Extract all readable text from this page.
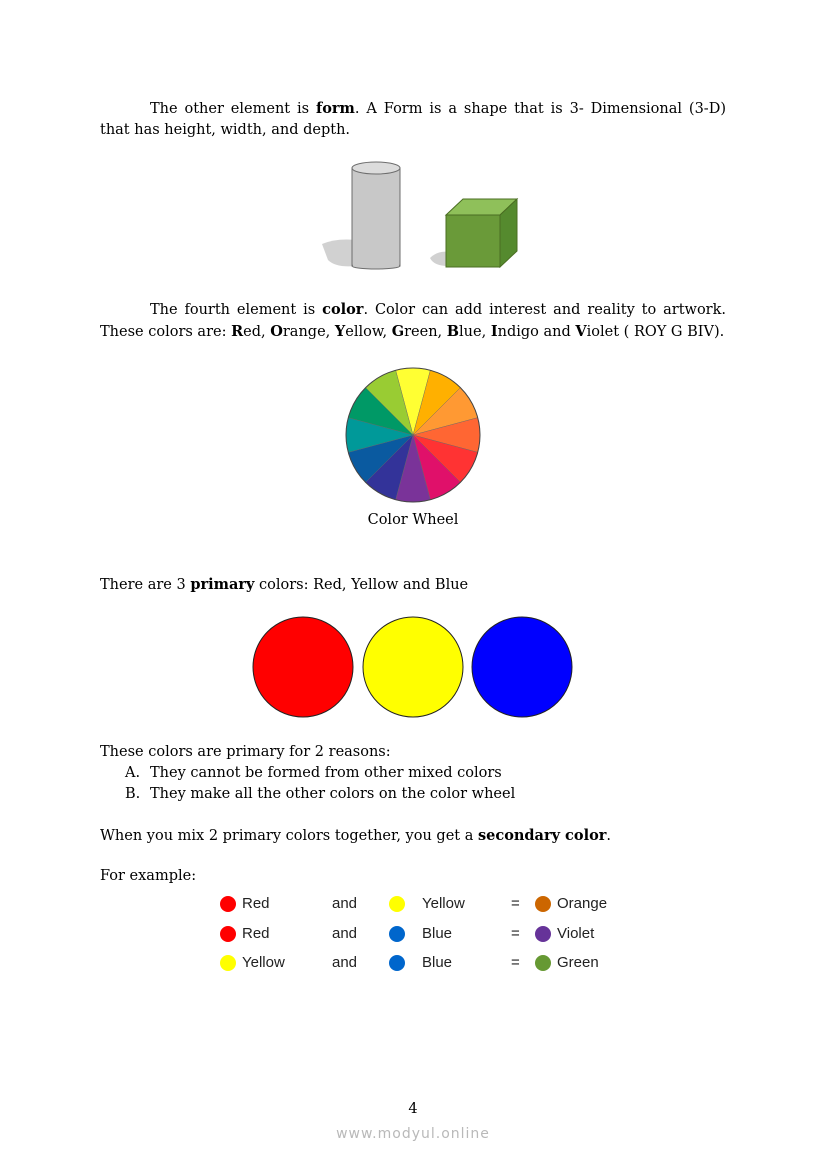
The other element is form. A Form is a shape that is 3- Dimensional (3-D) that has height, width, and depth.
The fourth element is color. Color can add interest and reality to artwork. These colors are: Red, Orange, Yellow, Green, Blue, Indigo and Violet ( ROY G BIV).
Color Wheel
There are 3 primary colors: Red, Yellow and Blue
These colors are primary for 2 reasons:
A. They cannot be formed from other mixed colors
B. They make all the other colors on the color wheel
When you mix 2 primary colors together, you get a secondary color.
For example:
Red	and	Yellow	= Orange
Red	and	Blue	= Violet
Yellow	and	Blue	= Green
4
www.modyul.online
